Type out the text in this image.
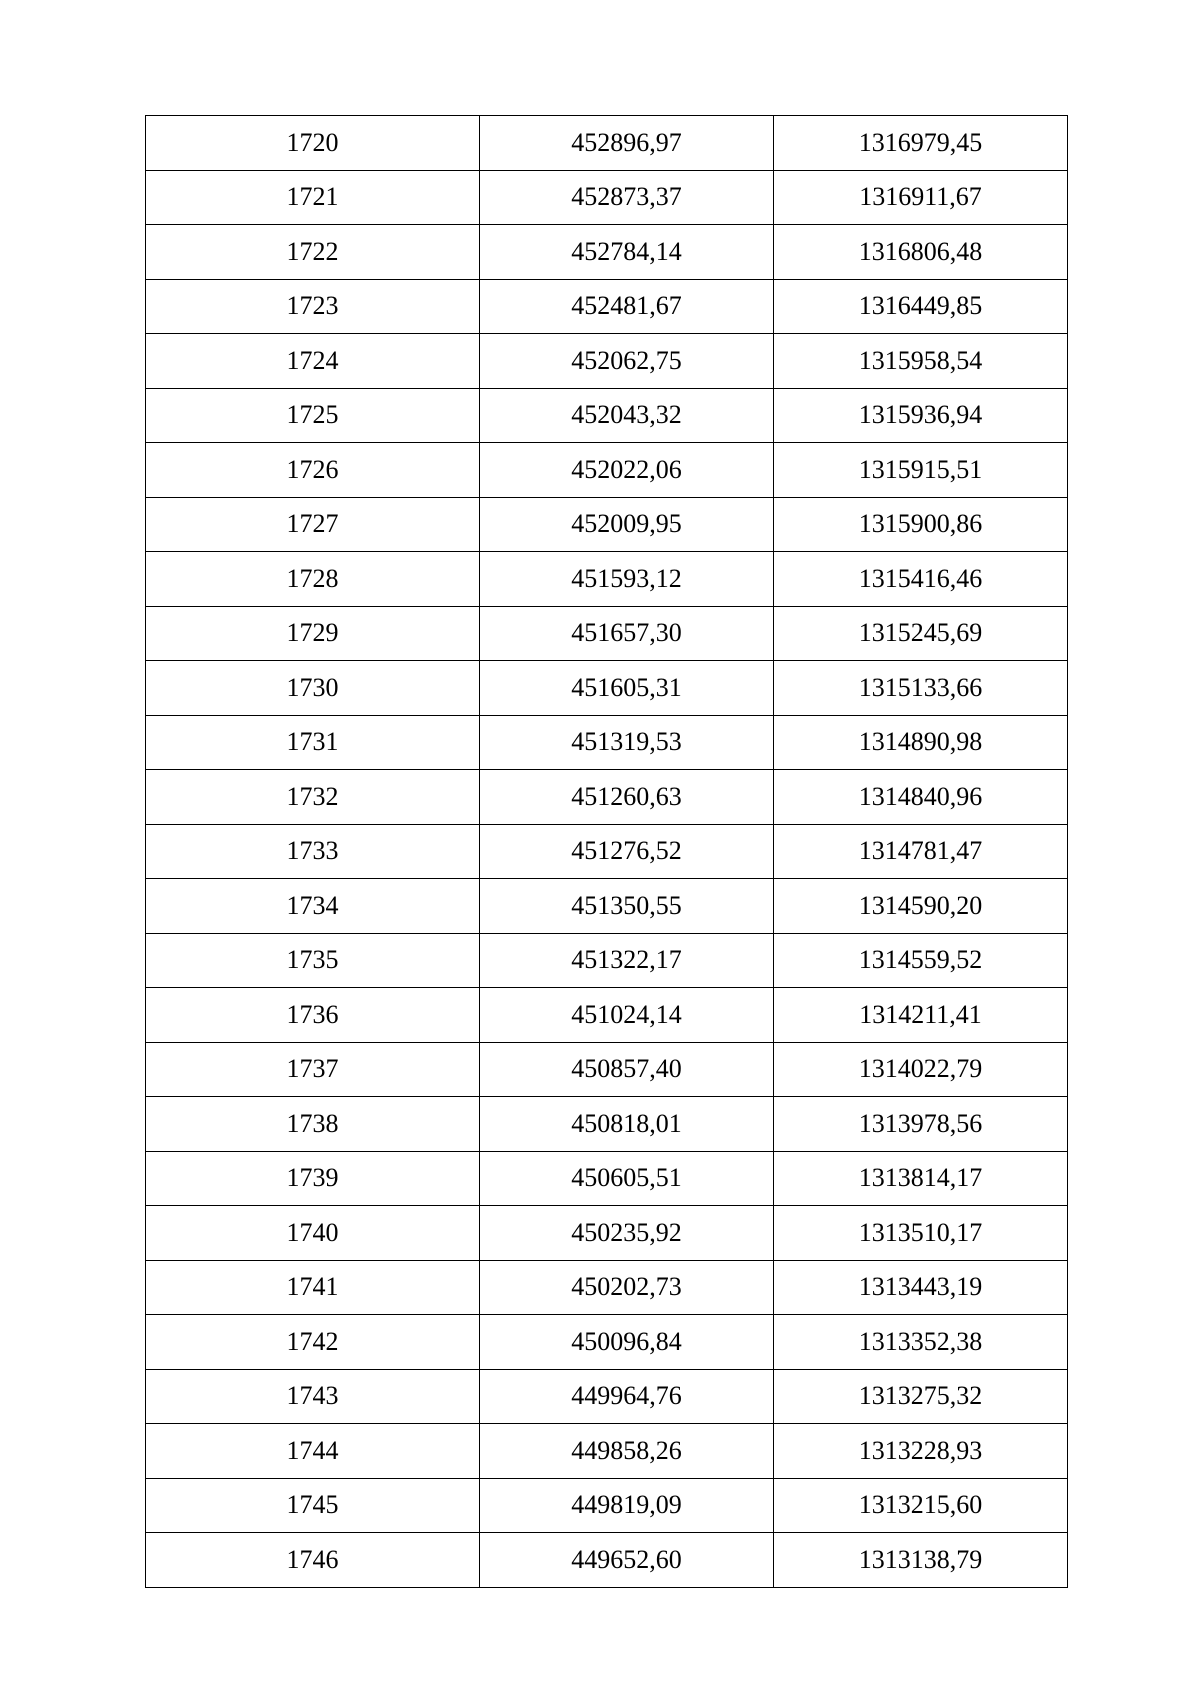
1720	452896,97	1316979,45
1721	452873,37	1316911,67
1722	452784,14	1316806,48
1723	452481,67	1316449,85
1724	452062,75	1315958,54
1725	452043,32	1315936,94
1726	452022,06	1315915,51
1727	452009,95	1315900,86
1728	451593,12	1315416,46
1729	451657,30	1315245,69
1730	451605,31	1315133,66
1731	451319,53	1314890,98
1732	451260,63	1314840,96
1733	451276,52	1314781,47
1734	451350,55	1314590,20
1735	451322,17	1314559,52
1736	451024,14	1314211,41
1737	450857,40	1314022,79
1738	450818,01	1313978,56
1739	450605,51	1313814,17
1740	450235,92	1313510,17
1741	450202,73	1313443,19
1742	450096,84	1313352,38
1743	449964,76	1313275,32
1744	449858,26	1313228,93
1745	449819,09	1313215,60
1746	449652,60	1313138,79
